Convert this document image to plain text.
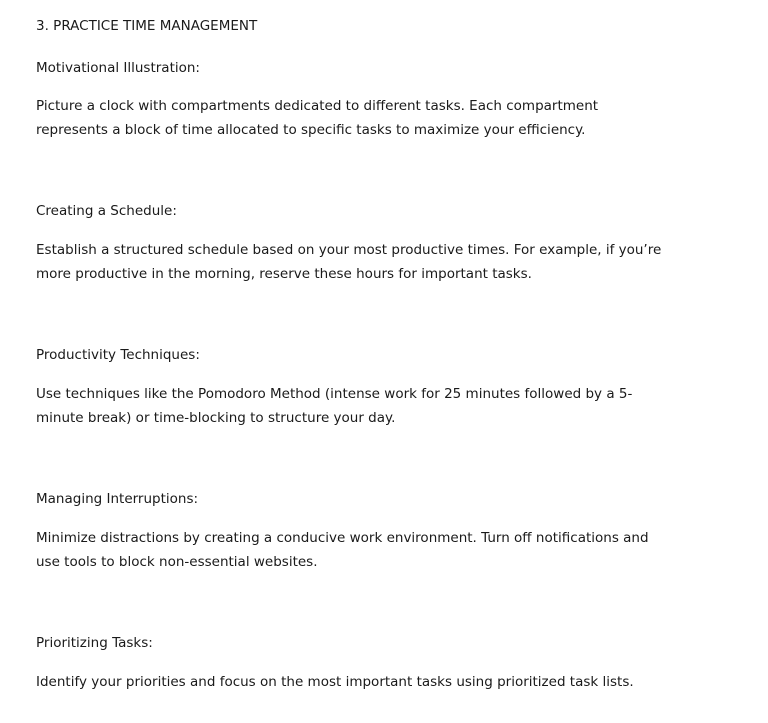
3. PRACTICE TIME MANAGEMENT
Motivational Illustration:
Picture a clock with compartments dedicated to different tasks. Each compartment
represents a block of time allocated to specific tasks to maximize your efficiency.
Creating a Schedule:
Establish a structured schedule based on your most productive times. For example, if you’re
more productive in the morning, reserve these hours for important tasks.
Productivity Techniques:
Use techniques like the Pomodoro Method (intense work for 25 minutes followed by a 5-
minute break) or time-blocking to structure your day.
Managing Interruptions:
Minimize distractions by creating a conducive work environment. Turn off notifications and
use tools to block non-essential websites.
Prioritizing Tasks:
Identify your priorities and focus on the most important tasks using prioritized task lists.
